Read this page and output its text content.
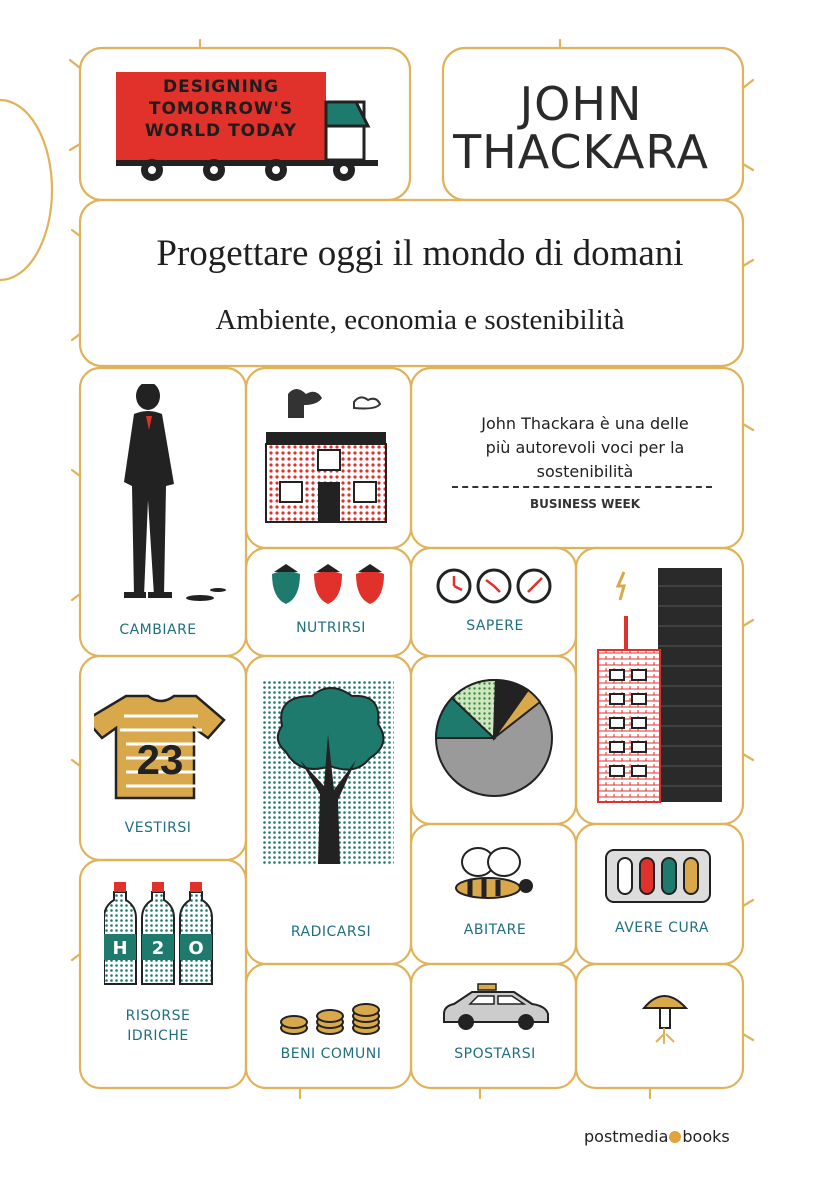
DESIGNING
TOMORROW'S
WORLD TODAY	JOHN
THACKARA
Progettare oggi il mondo di domani
Ambiente, economia e sostenibilità
John Thackara è una delle
più autorevoli voci per la
sostenibilità
BUSINESS WEEK
23
H 2 O
CAMBIARE	NUTRIRSI	SAPERE
VESTIRSI
RADICARSI	ABITARE	AVERE CURA
RISORSE
IDRICHE
BENI COMUNI	SPOSTARSI
postmedia books
